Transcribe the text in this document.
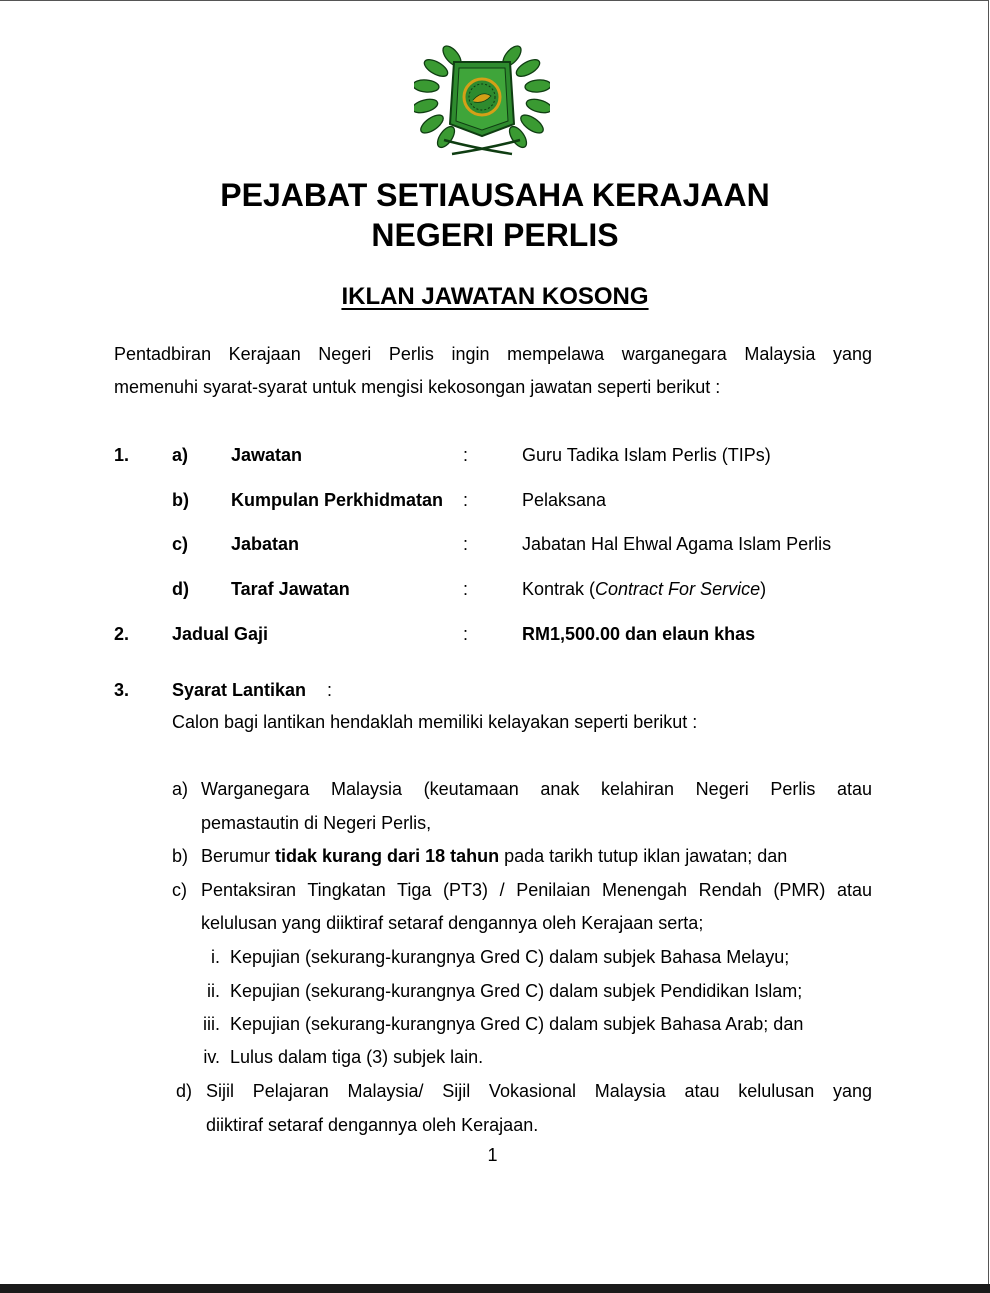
PEJABAT SETIAUSAHA KERAJAAN
NEGERI PERLIS
IKLAN JAWATAN KOSONG
Pentadbiran Kerajaan Negeri Perlis ingin mempelawa warganegara Malaysia yang
memenuhi syarat-syarat untuk mengisi kekosongan jawatan seperti berikut :
1. a) Jawatan	:	Guru Tadika Islam Perlis (TIPs)
b) Kumpulan Perkhidmatan :	Pelaksana
c) Jabatan	:	Jabatan Hal Ehwal Agama Islam Perlis
d) Taraf Jawatan	:	Kontrak (Contract For Service)
2. Jadual Gaji	:	RM1,500.00 dan elaun khas
3. Syarat Lantikan :
Calon bagi lantikan hendaklah memiliki kelayakan seperti berikut :
a) Warganegara Malaysia (keutamaan anak kelahiran Negeri Perlis atau
pemastautin di Negeri Perlis,
b) Berumur tidak kurang dari 18 tahun pada tarikh tutup iklan jawatan; dan
c) Pentaksiran Tingkatan Tiga (PT3) / Penilaian Menengah Rendah (PMR) atau
kelulusan yang diiktiraf setaraf dengannya oleh Kerajaan serta;
i. Kepujian (sekurang-kurangnya Gred C) dalam subjek Bahasa Melayu;
ii. Kepujian (sekurang-kurangnya Gred C) dalam subjek Pendidikan Islam;
iii. Kepujian (sekurang-kurangnya Gred C) dalam subjek Bahasa Arab; dan
iv. Lulus dalam tiga (3) subjek lain.
d) Sijil Pelajaran Malaysia/ Sijil Vokasional Malaysia atau kelulusan yang
diiktiraf setaraf dengannya oleh Kerajaan.
1
